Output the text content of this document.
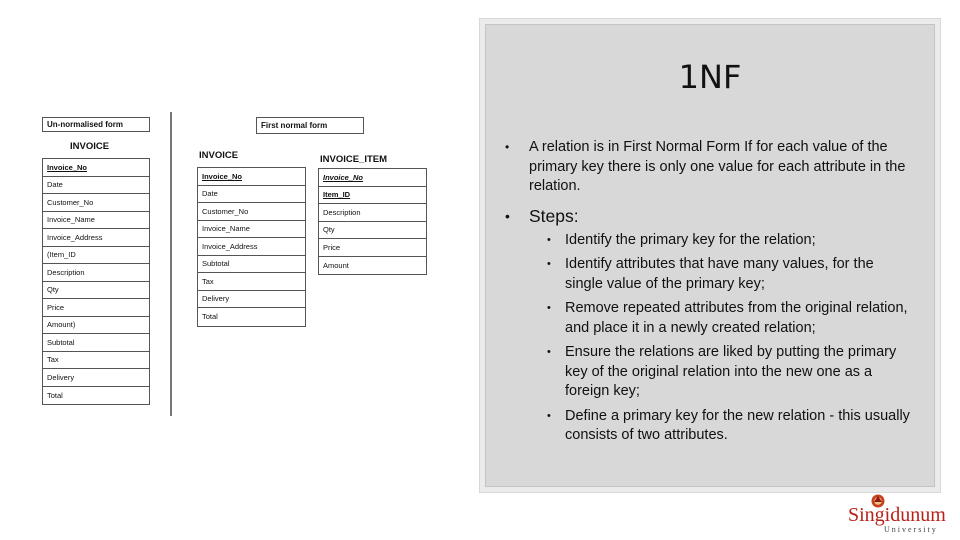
Un-normalised form
INVOICE
Invoice_No
Date
Customer_No
Invoice_Name
Invoice_Address
(Item_ID
Description
Qty
Price
Amount)
Subtotal
Tax
Delivery
Total
First normal form
INVOICE
Invoice_No
Date
Customer_No
Invoice_Name
Invoice_Address
Subtotal
Tax
Delivery
Total
INVOICE_ITEM
Invoice_No
Item_ID
Description
Qty
Price
Amount
1NF
•	A relation is in First Normal Form If for each value of the primary key there is only one value for each attribute in the relation.
•	Steps:
• Identify the primary key for the relation;
• Identify attributes that have many values, for the single value of the primary key;
• Remove repeated attributes from the original relation, and place it in a newly created relation;
• Ensure the relations are liked by putting the primary key of the original relation into the new one as a foreign key;
• Define a primary key for the new relation - this usually consists of two attributes.
Singidunum
University
